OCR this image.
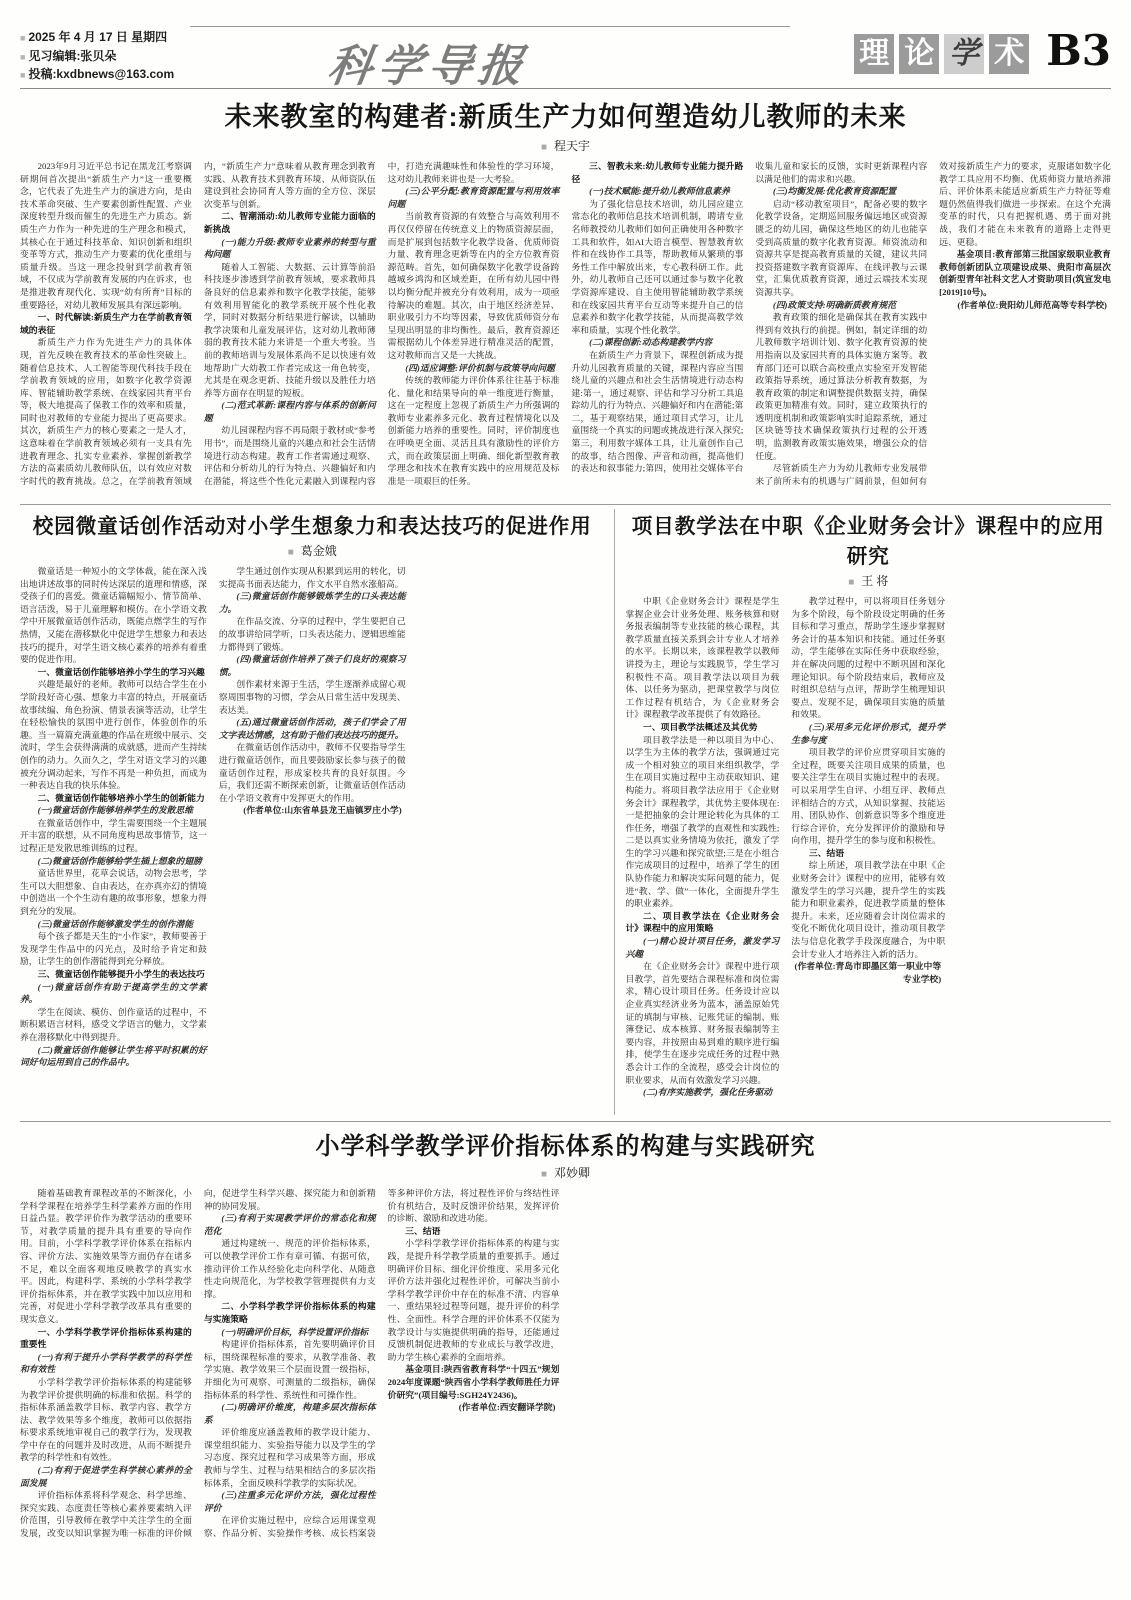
■ 2025 年 4 月 17 日 星期四
■ 见习编辑:张贝朵
■ 投稿:kxdbnews@163.com	科学导报	理 论 学 术 B3
未来教室的构建者:新质生产力如何塑造幼儿教师的未来
■ 程天宇
2023年9月习近平总书记在黑龙江考察调研期间首次提出“新质生产力”这一重要概念，它代表了先进生产力的演进方向，是由技术革命突破、生产要素创新性配置、产业深度转型升级而催生的先进生产力质态。新质生产力作为一种先进的生产理念和模式，其核心在于通过科技革命、知识创新和组织变革等方式，推动生产力要素的优化重组与质量升级。当这一理念投射到学前教育领域，不仅成为学前教育发展的内在诉求，也是推进教育现代化、实现“幼有所育”目标的重要路径，对幼儿教师发展具有深远影响。
一、时代解读:新质生产力在学前教育领域的表征
新质生产力作为先进生产力的具体体现，首先反映在教育技术的革命性突破上。随着信息技术、人工智能等现代科技手段在学前教育领域的应用，如数字化教学资源库、智能辅助教学系统、在线家园共育平台等，极大地提高了保教工作的效率和质量，同时也对教师的专业能力提出了更高要求。其次，新质生产力的核心要素之一是人才，这意味着在学前教育领域必须有一支具有先进教育理念、扎实专业素养、掌握创新教学方法的高素质幼儿教师队伍，以有效应对数字时代的教育挑战。总之，在学前教育领域内，“新质生产力”意味着从教育理念到教育实践、从教育技术到教育环境、从师资队伍建设到社会协同育人等方面的全方位、深层次变革与创新。
二、智潮涌动:幼儿教师专业能力面临的新挑战
(一)能力升级:教师专业素养的转型与重构问题
随着人工智能、大数据、云计算等前沿科技逐步渗透到学前教育领域，要求教师具备良好的信息素养和数字化教学技能，能够有效利用智能化的教学系统开展个性化教学，同时对数据分析结果进行解读，以辅助教学决策和儿童发展评估，这对幼儿教师薄弱的教育技术能力来讲是一个重大考验。当前的教师培训与发展体系尚不足以快速有效地帮助广大幼教工作者完成这一角色转变，尤其是在观念更新、技能升级以及胜任力培养等方面存在明显的短板。
(二)范式革新:课程内容与体系的创新问题
幼儿园课程内容不再局限于教材或“参考用书”，而是围绕儿童的兴趣点和社会生活情境进行动态构建。教育工作者需通过观察、评估和分析幼儿的行为特点、兴趣偏好和内在潜能，将这些个性化元素融入到课程内容中，打造充满趣味性和体验性的学习环境，这对幼儿教师来讲也是一大考验。
(三)公平分配:教育资源配置与利用效率问题
当前教育资源的有效整合与高效利用不再仅仅停留在传统意义上的物质资源层面，而是扩展到包括数字化教学设备、优质师资力量、教育理念更新等在内的全方位教育资源范畴。首先，如何确保数字化教学设备跨越城乡鸿沟和区域差距，在所有幼儿园中得以均衡分配并被充分有效利用，成为一项亟待解决的难题。其次，由于地区经济差异、职业吸引力不均等因素，导致优质师资分布呈现出明显的非均衡性。最后，教育资源还需根据幼儿个体差异进行精准灵活的配置，这对教师而言又是一大挑战。
(四)适应调整:评价机制与政策导向问题
传统的教师能力评价体系往往基于标准化、量化和结果导向的单一维度进行衡量，这在一定程度上忽视了新质生产力所强调的教师专业素养多元化、教育过程情境化以及创新能力培养的重要性。同时，评价制度也在呼唤更全面、灵活且具有激励性的评价方式，而在政策层面上明确、细化新型教育教学理念和技术在教育实践中的应用规范及标准是一项艰巨的任务。
三、智教未来:幼儿教师专业能力提升路径
(一)技术赋能:提升幼儿教师信息素养
为了强化信息技术培训，幼儿园应建立常态化的教师信息技术培训机制，聘请专业名师教授幼儿教师们如何正确使用各种数字工具和软件，如AI大语言模型、智慧教育软件和在线协作工具等，帮助教师从繁琐的事务性工作中解放出来，专心教科研工作。此外，幼儿教师自己还可以通过参与数字化教学资源库建设、自主使用智能辅助教学系统和在线家园共育平台互动等来提升自己的信息素养和数字化教学技能，从而提高教学效率和质量，实现个性化教学。
(二)课程创新:动态构建教学内容
在新质生产力背景下，课程创新成为提升幼儿园教育质量的关键，课程内容应当围绕儿童的兴趣点和社会生活情境进行动态构建:第一，通过观察、评估和学习分析工具追踪幼儿的行为特点、兴趣偏好和内在潜能;第二，基于观察结果，通过项目式学习，让儿童围绕一个真实的问题或挑战进行深入探究;第三，利用数字媒体工具，让儿童创作自己的故事，结合图像、声音和动画，提高他们的表达和叙事能力;第四，使用社交媒体平台收集儿童和家长的反馈，实时更新课程内容以满足他们的需求和兴趣。
(三)均衡发展:优化教育资源配置
启动“移动教室项目”，配备必要的数字化教学设备，定期巡回服务偏远地区或资源匮乏的幼儿园，确保这些地区的幼儿也能享受到高质量的数字化教育资源。师资流动和资源共享是提高教育质量的关键，建议共同投资搭建数字教育资源库、在线评教与云课堂，汇集优质教育资源，通过云端技术实现资源共享。
(四)政策支持:明确新质教育规范
教育政策的细化是确保其在教育实践中得到有效执行的前提。例如，制定详细的幼儿教师数字培训计划、数字化教育资源的使用指南以及家园共育的具体实施方案等。教育部门还可以联合高校重点实验室开发智能政策指导系统，通过算法分析教育数据，为教育政策的制定和调整提供数据支持，确保政策更加精准有效。同时，建立政策执行的透明度机制和政策影响实时追踪系统，通过区块链等技术确保政策执行过程的公开透明，监测教育政策实施效果，增强公众的信任度。
尽管新质生产力为幼儿教师专业发展带来了前所未有的机遇与广阔前景，但如何有效对接新质生产力的要求，克服诸如数字化教学工具应用不均衡、优质师资力量培养滞后、评价体系未能适应新质生产力特征等难题仍然值得我们做进一步探索。在这个充满变革的时代，只有把握机遇、勇于面对挑战，我们才能在未来教育的道路上走得更远、更稳。
基金项目:教育部第三批国家级职业教育教师创新团队立项建设成果、贵阳市高层次创新型青年社科文艺人才资助项目(筑宣发电[2019]10号)。
(作者单位:贵阳幼儿师范高等专科学校)
校园微童话创作活动对小学生想象力和表达技巧的促进作用
■ 葛金娥
微童话是一种短小的文学体裁，能在深入浅出地讲述故事的同时传达深层的道理和情感，深受孩子们的喜爱。微童话篇幅短小、情节简单、语言活泼，易于儿童理解和模仿。在小学语文教学中开展微童话创作活动，既能点燃学生的写作热情，又能在潜移默化中促进学生想象力和表达技巧的提升，对学生语文核心素养的培养有着重要的促进作用。
一、微童话创作能够培养小学生的学习兴趣
兴趣是最好的老师。教师可以结合学生在小学阶段好奇心强、想象力丰富的特点，开展童话故事续编、角色扮演、情景表演等活动，让学生在轻松愉快的氛围中进行创作，体验创作的乐趣。当一篇篇充满童趣的作品在班级中展示、交流时，学生会获得满满的成就感，进而产生持续创作的动力。久而久之，学生对语文学习的兴趣被充分调动起来，写作不再是一种负担，而成为一种表达自我的快乐体验。
二、微童话创作能够培养小学生的创新能力
(一)微童话创作能够培养学生的发散思维
在微童话创作中，学生需要围绕一个主题展开丰富的联想，从不同角度构思故事情节，这一过程正是发散思维训练的过程。
(二)微童话创作能够给学生插上想象的翅膀
童话世界里，花草会说话，动物会思考，学生可以大胆想象、自由表达，在亦真亦幻的情境中创造出一个个生动有趣的故事形象，想象力得到充分的发展。
(三)微童话创作能够激发学生的创作潜能
每个孩子都是天生的“小作家”，教师要善于发现学生作品中的闪光点，及时给予肯定和鼓励，让学生的创作潜能得到充分释放。
三、微童话创作能够提升小学生的表达技巧
(一)微童话创作有助于提高学生的文学素养。
学生在阅读、模仿、创作童话的过程中，不断积累语言材料，感受文学语言的魅力，文学素养在潜移默化中得到提升。
(二)微童话创作能够让学生将平时积累的好词好句运用到自己的作品中。
学生通过创作实现从积累到运用的转化，切实提高书面表达能力，作文水平自然水涨船高。
(三)微童话创作能够锻炼学生的口头表达能力。
在作品交流、分享的过程中，学生要把自己的故事讲给同学听，口头表达能力、逻辑思维能力都得到了锻炼。
(四)微童话创作培养了孩子们良好的观察习惯。
创作素材来源于生活，学生逐渐养成留心观察周围事物的习惯，学会从日常生活中发现美、表达美。
(五)通过微童话创作活动，孩子们学会了用文字表达情感，这有助于他们表达技巧的提升。
在微童话创作活动中，教师不仅要指导学生进行微童话创作，而且要鼓励家长参与孩子的微童话创作过程，形成家校共育的良好氛围。今后，我们还需不断探索创新，让微童话创作活动在小学语文教育中发挥更大的作用。
(作者单位:山东省单县龙王庙镇罗庄小学)
项目教学法在中职《企业财务会计》课程中的应用研究
■ 王 将
中职《企业财务会计》课程是学生掌握企业会计业务处理、账务核算和财务报表编制等专业技能的核心课程，其教学质量直接关系到会计专业人才培养的水平。长期以来，该课程教学以教师讲授为主，理论与实践脱节，学生学习积极性不高。项目教学法以项目为载体、以任务为驱动，把课堂教学与岗位工作过程有机结合，为《企业财务会计》课程教学改革提供了有效路径。
一、项目教学法概述及其优势
项目教学法是一种以项目为中心、以学生为主体的教学方法，强调通过完成一个相对独立的项目来组织教学，学生在项目实施过程中主动获取知识、建构能力。将项目教学法应用于《企业财务会计》课程教学，其优势主要体现在:一是把抽象的会计理论转化为具体的工作任务，增强了教学的直观性和实践性;二是以真实业务情境为依托，激发了学生的学习兴趣和探究欲望;三是在小组合作完成项目的过程中，培养了学生的团队协作能力和解决实际问题的能力，促进“教、学、做”一体化，全面提升学生的职业素养。
二、项目教学法在《企业财务会计》课程中的应用策略
(一)精心设计项目任务，激发学习兴趣
在《企业财务会计》课程中进行项目教学，首先要结合课程标准和岗位需求，精心设计项目任务。任务设计应以企业真实经济业务为蓝本，涵盖原始凭证的填制与审核、记账凭证的编制、账簿登记、成本核算、财务报表编制等主要内容，并按照由易到难的顺序进行编排，使学生在逐步完成任务的过程中熟悉会计工作的全流程，感受会计岗位的职业要求，从而有效激发学习兴趣。
(二)有序实施教学，强化任务驱动
教学过程中，可以将项目任务划分为多个阶段，每个阶段设定明确的任务目标和学习重点，帮助学生逐步掌握财务会计的基本知识和技能。通过任务驱动，学生能够在实际任务中获取经验，并在解决问题的过程中不断巩固和深化理论知识。每个阶段结束后，教师应及时组织总结与点评，帮助学生梳理知识要点、发现不足，确保项目实施的质量和效果。
(三)采用多元化评价形式，提升学生参与度
项目教学的评价应贯穿项目实施的全过程，既要关注项目成果的质量，也要关注学生在项目实施过程中的表现。可以采用学生自评、小组互评、教师点评相结合的方式，从知识掌握、技能运用、团队协作、创新意识等多个维度进行综合评价，充分发挥评价的激励和导向作用，提升学生的参与度和积极性。
三、结语
综上所述，项目教学法在中职《企业财务会计》课程中的应用，能够有效激发学生的学习兴趣，提升学生的实践能力和职业素养，促进教学质量的整体提升。未来，还应随着会计岗位需求的变化不断优化项目设计，推动项目教学法与信息化教学手段深度融合，为中职会计专业人才培养注入新的活力。
(作者单位:青岛市即墨区第一职业中等专业学校)
小学科学教学评价指标体系的构建与实践研究
■ 邓妙卿
随着基础教育课程改革的不断深化，小学科学课程在培养学生科学素养方面的作用日益凸显。教学评价作为教学活动的重要环节，对教学质量的提升具有重要的导向作用。目前，小学科学教学评价体系在指标内容、评价方法、实施效果等方面仍存在诸多不足，难以全面客观地反映教学的真实水平。因此，构建科学、系统的小学科学教学评价指标体系，并在教学实践中加以应用和完善，对促进小学科学教学改革具有重要的现实意义。
一、小学科学教学评价指标体系构建的重要性
(一)有利于提升小学科学教学的科学性和有效性
小学科学教学评价指标体系的构建能够为教学评价提供明确的标准和依据。科学的指标体系涵盖教学目标、教学内容、教学方法、教学效果等多个维度，教师可以依据指标要求系统地审视自己的教学行为，发现教学中存在的问题并及时改进，从而不断提升教学的科学性和有效性。
(二)有利于促进学生科学核心素养的全面发展
评价指标体系将科学观念、科学思维、探究实践、态度责任等核心素养要素纳入评价范围，引导教师在教学中关注学生的全面发展，改变以知识掌握为唯一标准的评价倾向，促进学生科学兴趣、探究能力和创新精神的协同发展。
(三)有利于实现教学评价的常态化和规范化
通过构建统一、规范的评价指标体系，可以使教学评价工作有章可循、有据可依，推动评价工作从经验化走向科学化、从随意性走向规范化，为学校教学管理提供有力支撑。
二、小学科学教学评价指标体系的构建与实施策略
(一)明确评价目标，科学设置评价指标
构建评价指标体系，首先要明确评价目标，围绕课程标准的要求，从教学准备、教学实施、教学效果三个层面设置一级指标，并细化为可观察、可测量的二级指标，确保指标体系的科学性、系统性和可操作性。
(二)明确评价维度，构建多层次指标体系
评价维度应涵盖教师的教学设计能力、课堂组织能力、实验指导能力以及学生的学习态度、探究过程和学习成果等方面，形成教师与学生、过程与结果相结合的多层次指标体系，全面反映科学教学的实际状况。
(三)注重多元化评价方法，强化过程性评价
在评价实施过程中，应综合运用课堂观察、作品分析、实验操作考核、成长档案袋等多种评价方法，将过程性评价与终结性评价有机结合，及时反馈评价结果，发挥评价的诊断、激励和改进功能。
三、结语
小学科学教学评价指标体系的构建与实践，是提升科学教学质量的重要抓手。通过明确评价目标、细化评价维度、采用多元化评价方法并强化过程性评价，可解决当前小学科学教学评价中存在的标准不清、内容单一、重结果轻过程等问题，提升评价的科学性、全面性。科学合理的评价体系不仅能为教学设计与实施提供明确的指导，还能通过反馈机制促进教师的专业成长与教学改进，助力学生核心素养的全面培养。
基金项目:陕西省教育科学“十四五”规划2024年度课题“陕西省小学科学教师胜任力评价研究”(项目编号:SGH24Y2436)。
(作者单位:西安翻译学院)
